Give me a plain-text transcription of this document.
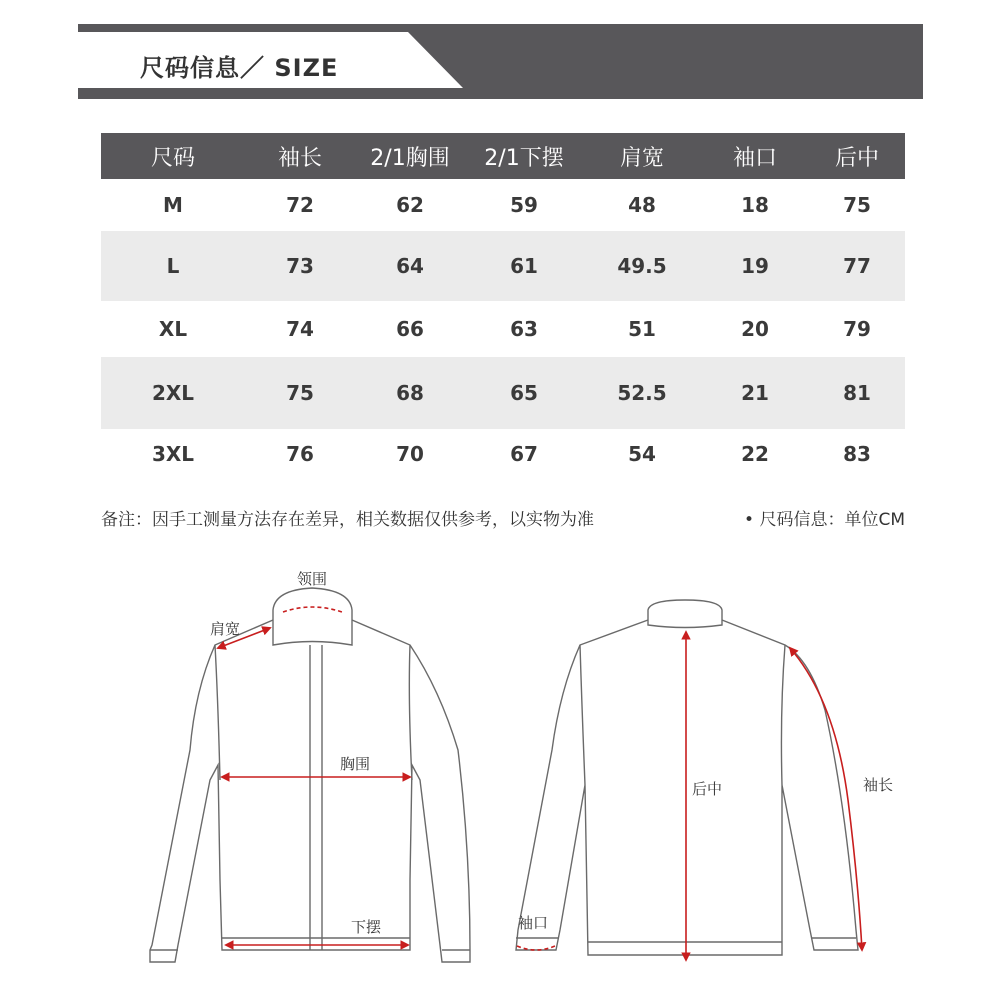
尺码信息／ SIZE
尺码	袖长	2/1胸围	2/1下摆	肩宽	袖口	后中
M	72	62	59	48	18	75
L	73	64	61	49.5	19	77
XL	74	66	63	51	20	79
2XL	75	68	65	52.5	21	81
3XL	76	70	67	54	22	83
备注：因手工测量方法存在差异，相关数据仅供参考，以实物为准	• 尺码信息：单位CM
领围
肩宽
胸围
下摆	袖口
后中	袖长
